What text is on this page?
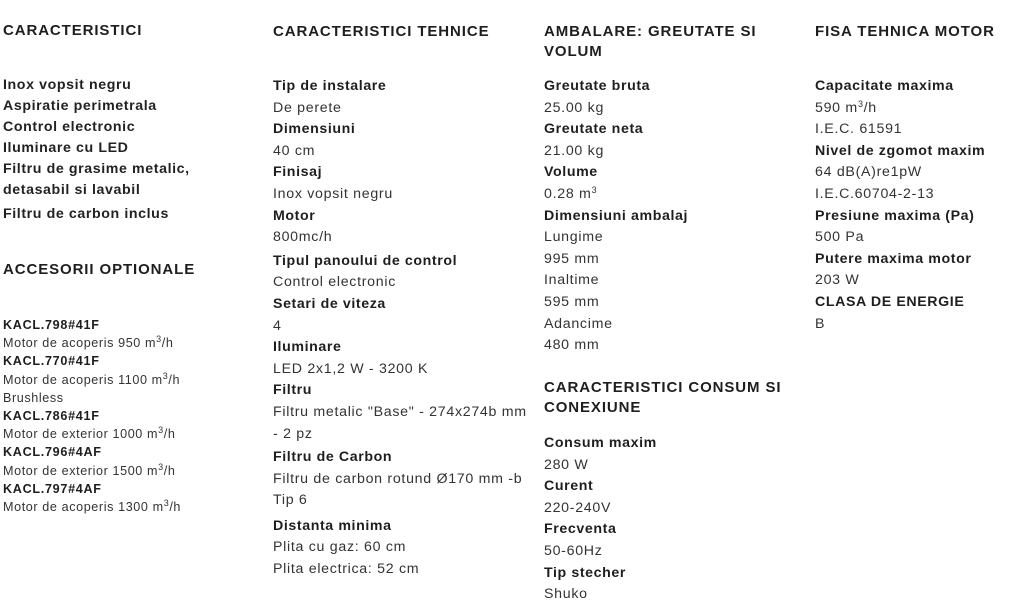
CARACTERISTICI
Inox vopsit negru
Aspiratie perimetrala
Control electronic
Iluminare cu LED
Filtru de grasime metalic, detasabil si lavabil
Filtru de carbon inclus
ACCESORII OPTIONALE
KACL.798#41F
Motor de acoperis 950 $m^3/h$
KACL.770#41F
Motor de acoperis 1100 $m^3/h$
Brushless
KACL.786#41F
Motor de exterior 1000 $m^3/h$
KACL.796#4AF
Motor de exterior 1500 $m^3/h$
KACL.797#4AF
Motor de acoperis 1300 $m^3/h$
CARACTERISTICI TEHNICE
Tip de instalare
De perete
Dimensiuni
40 cm
Finisaj
Inox vopsit negru
Motor
800mc/h
Tipul panoului de control
Control electronic
Setari de viteza
4
Iluminare
LED 2x1,2 W - 3200 K
Filtru
Filtru metalic "Base" - 274x274b mm - 2 pz
Filtru de Carbon
Filtru de carbon rotund Ø170 mm -b Tip 6
Distanta minima
Plita cu gaz: 60 cm
Plita electrica: 52 cm
AMBALARE: GREUTATE SI VOLUM
Greutate bruta
25.00 kg
Greutate neta
21.00 kg
Volume
0.28 $m^3$
Dimensiuni ambalaj
Lungime
995 mm
Inaltime
595 mm
Adancime
480 mm
CARACTERISTICI CONSUM SI CONEXIUNE
Consum maxim
280 W
Curent
220-240V
Frecventa
50-60Hz
Tip stecher
Shuko
FISA TEHNICA MOTOR
Capacitate maxima
590 $m^3/h$
I.E.C. 61591
Nivel de zgomot maxim
64 dB(A)re1pW
I.E.C.60704-2-13
Presiune maxima (Pa)
500 Pa
Putere maxima motor
203 W
CLASA DE ENERGIE
B
